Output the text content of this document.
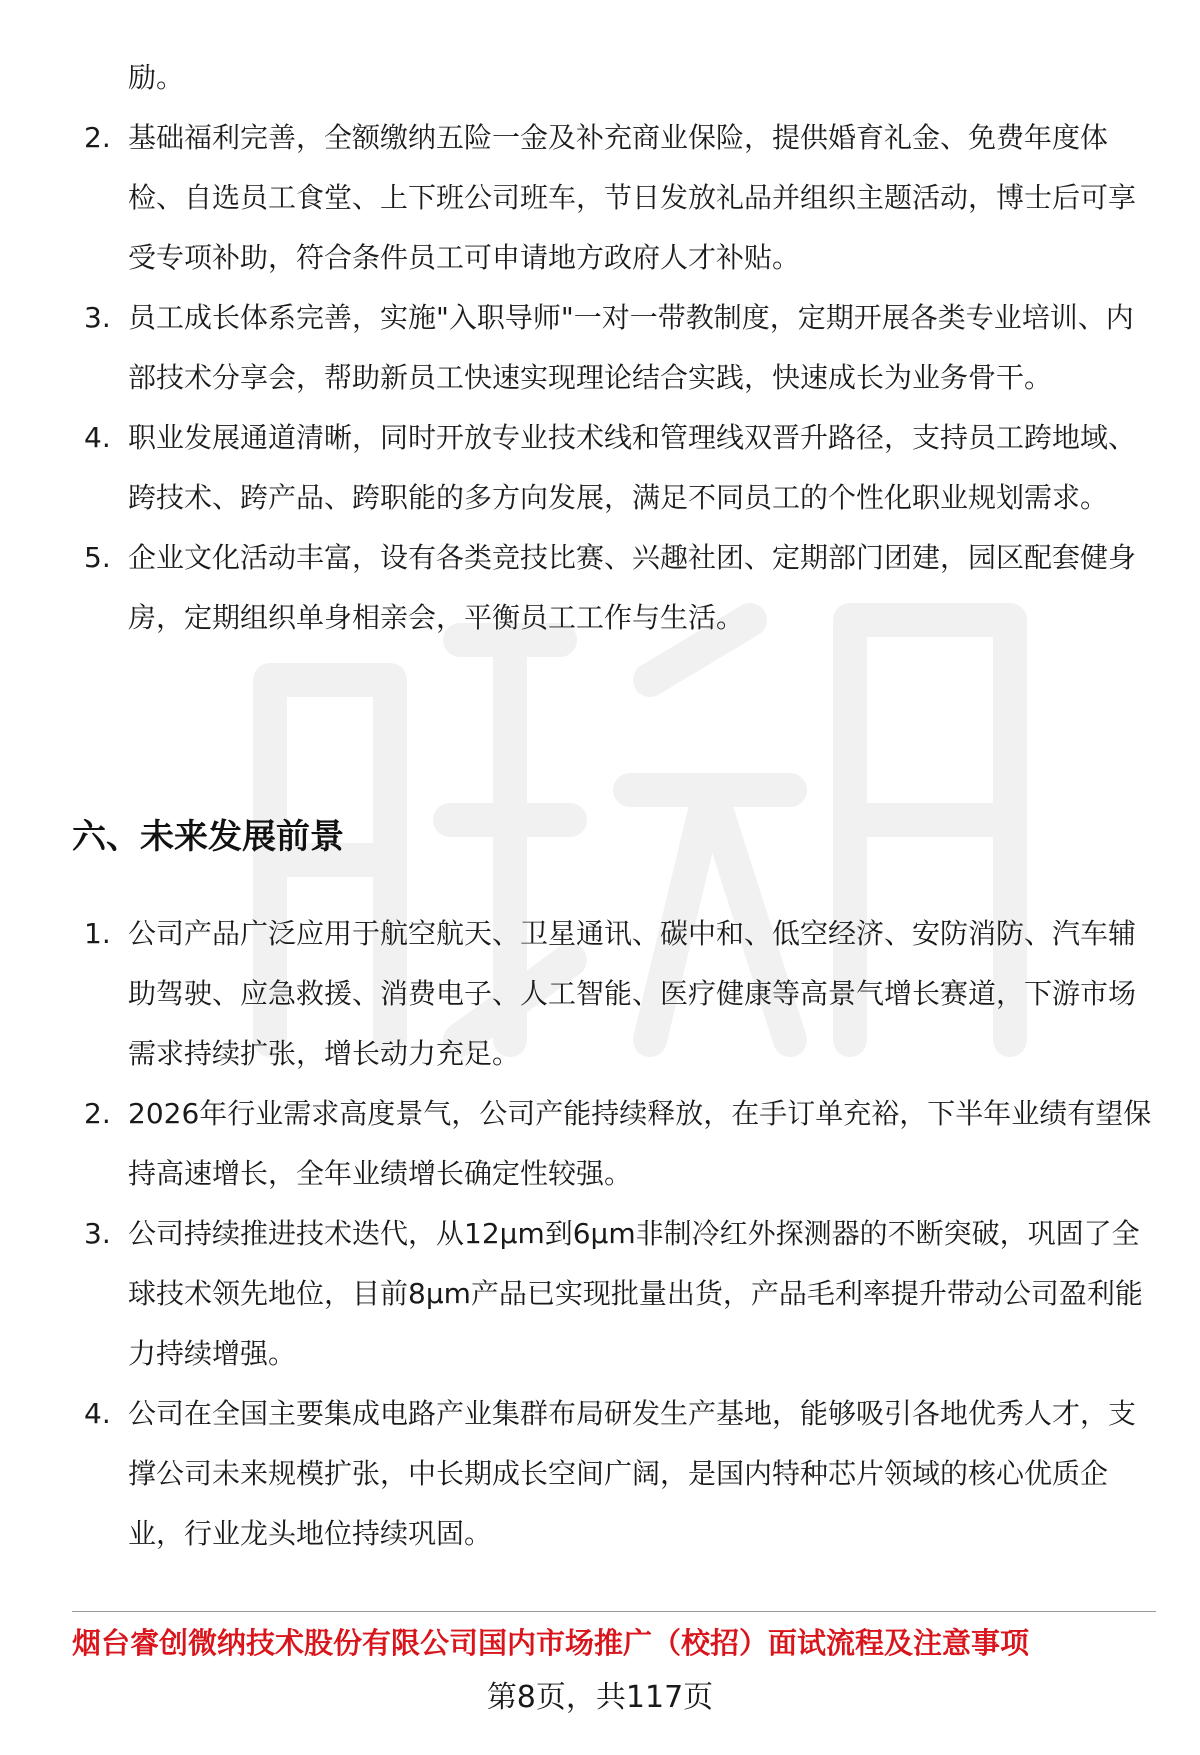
励。
2. 基础福利完善，全额缴纳五险一金及补充商业保险，提供婚育礼金、免费年度体检、自选员工食堂、上下班公司班车，节日发放礼品并组织主题活动，博士后可享受专项补助，符合条件员工可申请地方政府人才补贴。
3. 员工成长体系完善，实施"入职导师"一对一带教制度，定期开展各类专业培训、内部技术分享会，帮助新员工快速实现理论结合实践，快速成长为业务骨干。
4. 职业发展通道清晰，同时开放专业技术线和管理线双晋升路径，支持员工跨地域、跨技术、跨产品、跨职能的多方向发展，满足不同员工的个性化职业规划需求。
5. 企业文化活动丰富，设有各类竞技比赛、兴趣社团、定期部门团建，园区配套健身房，定期组织单身相亲会，平衡员工工作与生活。
六、未来发展前景
1. 公司产品广泛应用于航空航天、卫星通讯、碳中和、低空经济、安防消防、汽车辅助驾驶、应急救援、消费电子、人工智能、医疗健康等高景气增长赛道，下游市场需求持续扩张，增长动力充足。
2. 2026年行业需求高度景气，公司产能持续释放，在手订单充裕，下半年业绩有望保持高速增长，全年业绩增长确定性较强。
3. 公司持续推进技术迭代，从12μm到6μm非制冷红外探测器的不断突破，巩固了全球技术领先地位，目前8μm产品已实现批量出货，产品毛利率提升带动公司盈利能力持续增强。
4. 公司在全国主要集成电路产业集群布局研发生产基地，能够吸引各地优秀人才，支撑公司未来规模扩张，中长期成长空间广阔，是国内特种芯片领域的核心优质企业，行业龙头地位持续巩固。
烟台睿创微纳技术股份有限公司国内市场推广（校招）面试流程及注意事项
第8页，共117页
